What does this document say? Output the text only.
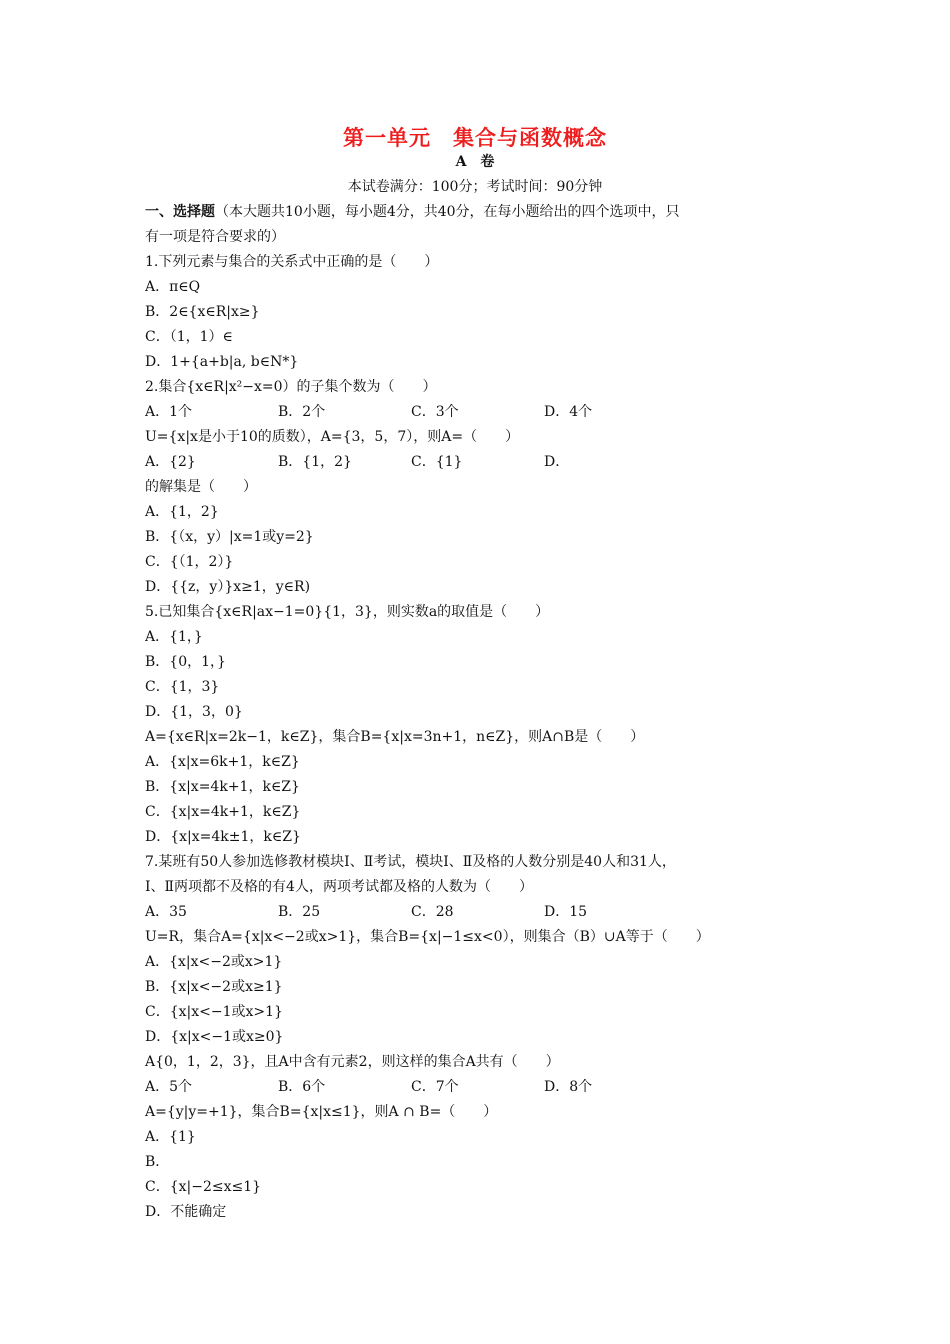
第一单元　集合与函数概念
A　卷
本试卷满分：100分；考试时间：90分钟
一、选择题（本大题共10小题，每小题4分，共40分，在每小题给出的四个选项中，只
有一项是符合要求的）
1.下列元素与集合的关系式中正确的是（　　）
A．π∈Q
B．2∈{x∈R|x≥}
C．（1，1）∈
D．1+{a+b|a, b∈N*}
2.集合{x∈R|x²−x=0）的子集个数为（　　）
A．1个	B．2个	C．3个	D．4个
U={x|x是小于10的质数），A={3，5，7），则A=（　　）
A．{2}	B．{1，2}	C．{1}	D．
的解集是（　　）
A．{1，2}
B．{（x，y）|x=1或y=2}
C．{（1，2）}
D．{{z，y）}x≥1，y∈R)
5.已知集合{x∈R|ax−1=0}{1，3}，则实数a的取值是（　　）
A．{1，}
B．{0，1，}
C．{1，3}
D．{1，3，0}
A={x∈R|x=2k−1，k∈Z}，集合B={x|x=3n+1，n∈Z}，则A∩B是（　　）
A．{x|x=6k+1，k∈Z}
B．{x|x=4k+1，k∈Z}
C．{x|x=4k+1，k∈Z}
D．{x|x=4k±1，k∈Z}
7.某班有50人参加选修教材模块Ⅰ、Ⅱ考试，模块Ⅰ、Ⅱ及格的人数分别是40人和31人，
Ⅰ、Ⅱ两项都不及格的有4人，两项考试都及格的人数为（　　）
A．35	B．25	C．28	D．15
U=R，集合A={x|x<−2或x>1}，集合B={x|−1≤x<0），则集合（B）∪A等于（　　）
A．{x|x<−2或x>1}
B．{x|x<−2或x≥1}
C．{x|x<−1或x>1}
D．{x|x<−1或x≥0}
A{0，1，2，3}，且A中含有元素2，则这样的集合A共有（　　）
A．5个	B．6个	C．7个	D．8个
A={y|y=+1}，集合B={x|x≤1}，则A ∩ B=（　　）
A．{1}
B．
C．{x|−2≤x≤1}
D．不能确定
